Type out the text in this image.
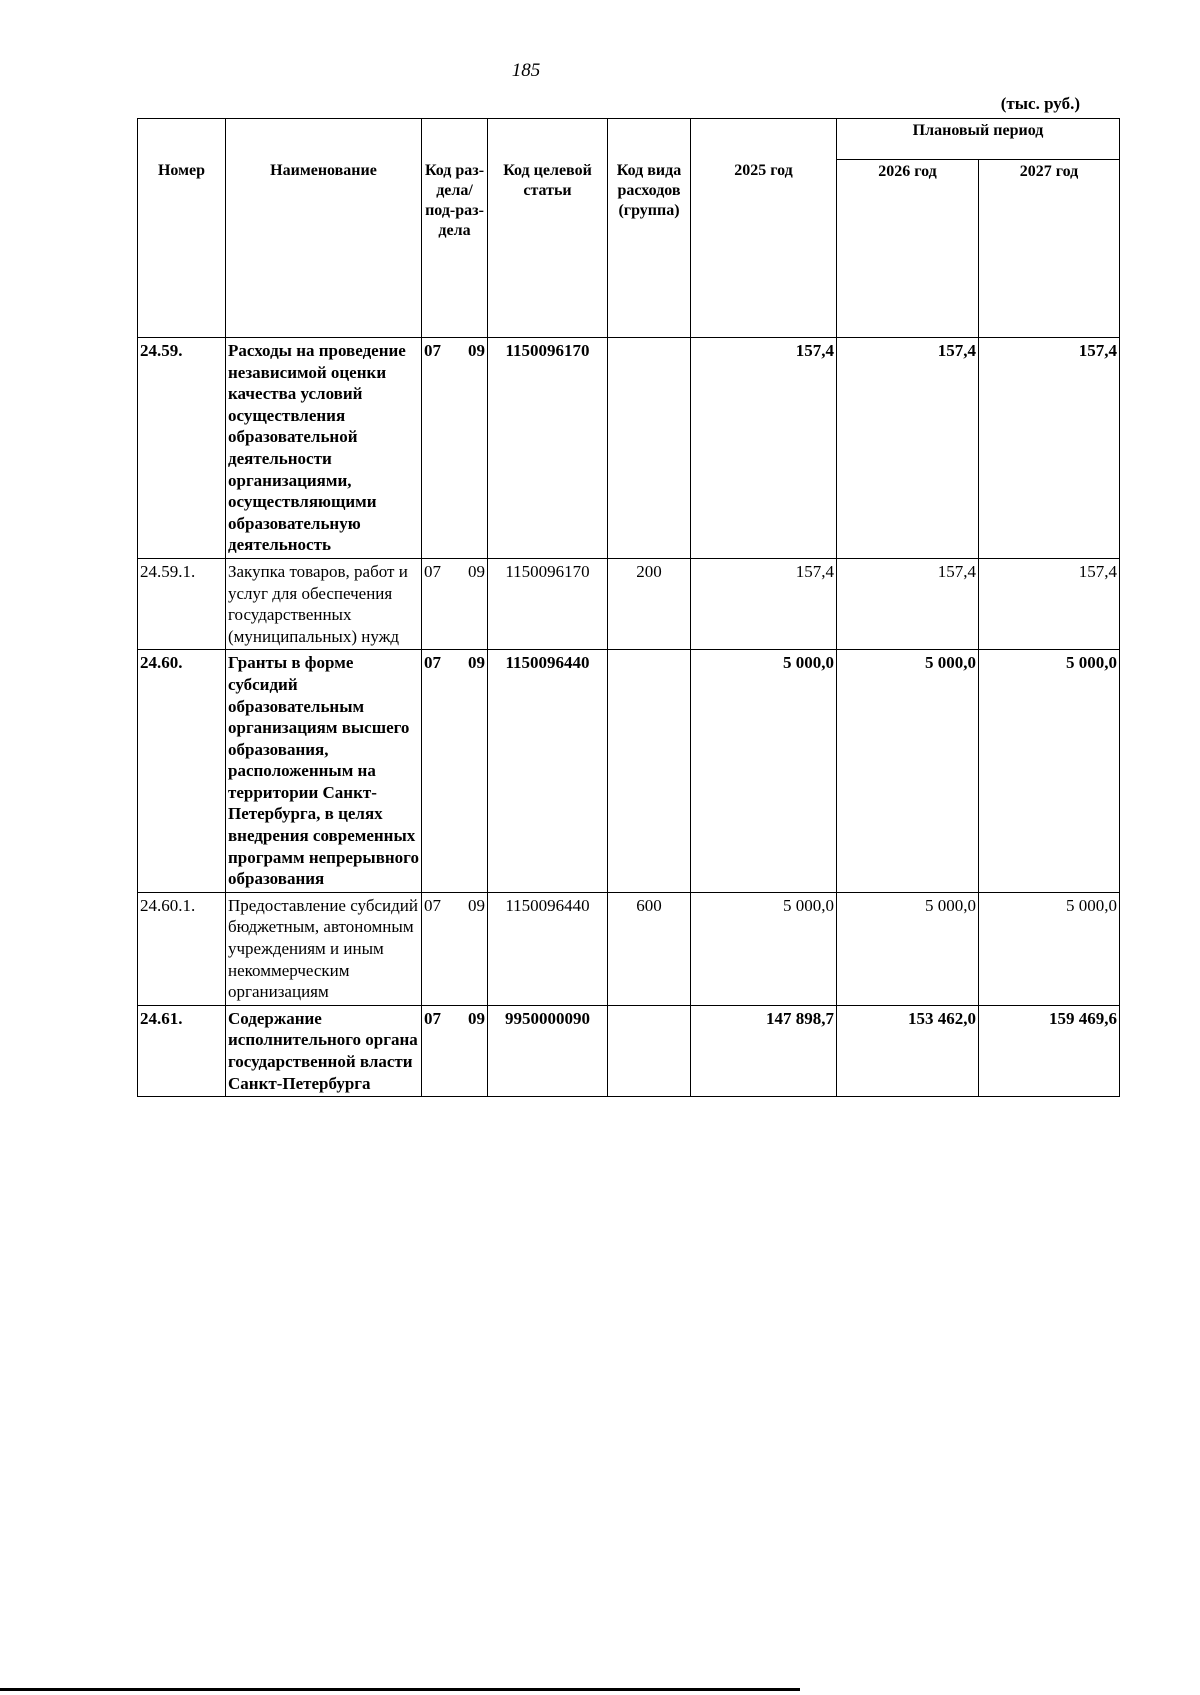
185
(тыс. руб.)
Номер	Наименование	Код раз-дела/ под-раз-дела	Код целевой статьи	Код вида расходов (группа)	2025 год	Плановый период	
						2026 год	2027 год
24.59.	Расходы на проведение независимой оценки качества условий осуществления образовательной деятельности организациями, осуществляющими образовательную деятельность	07 09	1150096170		157,4	157,4	157,4
24.59.1.	Закупка товаров, работ и услуг для обеспечения государственных (муниципальных) нужд	07 09	1150096170	200	157,4	157,4	157,4
24.60.	Гранты в форме субсидий образовательным организациям высшего образования, расположенным на территории Санкт-Петербурга, в целях внедрения современных программ непрерывного образования	07 09	1150096440		5 000,0	5 000,0	5 000,0
24.60.1.	Предоставление субсидий бюджетным, автономным учреждениям и иным некоммерческим организациям	07 09	1150096440	600	5 000,0	5 000,0	5 000,0
24.61.	Содержание исполнительного органа государственной власти Санкт-Петербурга	07 09	9950000090		147 898,7	153 462,0	159 469,6
